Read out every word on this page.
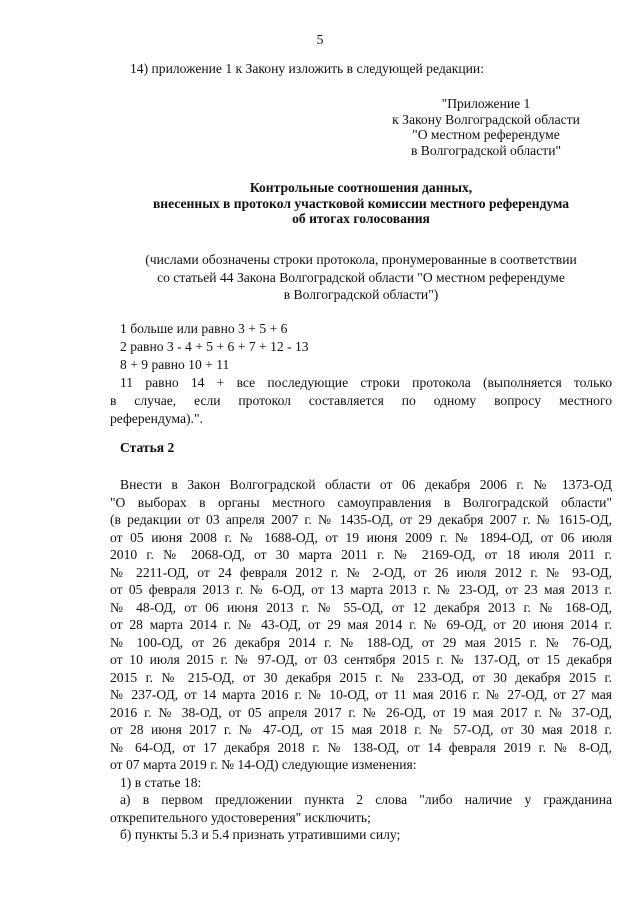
5
14) приложение 1 к Закону изложить в следующей редакции:
"Приложение 1
к Закону Волгоградской области
"О местном референдуме
в Волгоградской области"
Контрольные соотношения данных,
внесенных в протокол участковой комиссии местного референдума
об итогах голосования
(числами обозначены строки протокола, пронумерованные в соответствии
со статьей 44 Закона Волгоградской области "О местном референдуме
в Волгоградской области")
1 больше или равно 3 + 5 + 6
2 равно 3 - 4 + 5 + 6 + 7 + 12 - 13
8 + 9 равно 10 + 11
11 равно 14 + все последующие строки протокола (выполняется только
в случае, если протокол составляется по одному вопросу местного
референдума).".
Статья 2
Внести в Закон Волгоградской области от 06 декабря 2006 г. № 1373-ОД
"О выборах в органы местного самоуправления в Волгоградской области"
(в редакции от 03 апреля 2007 г. № 1435-ОД, от 29 декабря 2007 г. № 1615-ОД,
от 05 июня 2008 г. № 1688-ОД, от 19 июня 2009 г. № 1894-ОД, от 06 июля
2010 г. № 2068-ОД, от 30 марта 2011 г. № 2169-ОД, от 18 июля 2011 г.
№ 2211-ОД, от 24 февраля 2012 г. № 2-ОД, от 26 июля 2012 г. № 93-ОД,
от 05 февраля 2013 г. № 6-ОД, от 13 марта 2013 г. № 23-ОД, от 23 мая 2013 г.
№ 48-ОД, от 06 июня 2013 г. № 55-ОД, от 12 декабря 2013 г. № 168-ОД,
от 28 марта 2014 г. № 43-ОД, от 29 мая 2014 г. № 69-ОД, от 20 июня 2014 г.
№ 100-ОД, от 26 декабря 2014 г. № 188-ОД, от 29 мая 2015 г. № 76-ОД,
от 10 июля 2015 г. № 97-ОД, от 03 сентября 2015 г. № 137-ОД, от 15 декабря
2015 г. № 215-ОД, от 30 декабря 2015 г. № 233-ОД, от 30 декабря 2015 г.
№ 237-ОД, от 14 марта 2016 г. № 10-ОД, от 11 мая 2016 г. № 27-ОД, от 27 мая
2016 г. № 38-ОД, от 05 апреля 2017 г. № 26-ОД, от 19 мая 2017 г. № 37-ОД,
от 28 июня 2017 г. № 47-ОД, от 15 мая 2018 г. № 57-ОД, от 30 мая 2018 г.
№ 64-ОД, от 17 декабря 2018 г. № 138-ОД, от 14 февраля 2019 г. № 8-ОД,
от 07 марта 2019 г. № 14-ОД) следующие изменения:
1) в статье 18:
а) в первом предложении пункта 2 слова "либо наличие у гражданина
открепительного удостоверения" исключить;
б) пункты 5.3 и 5.4 признать утратившими силу;
